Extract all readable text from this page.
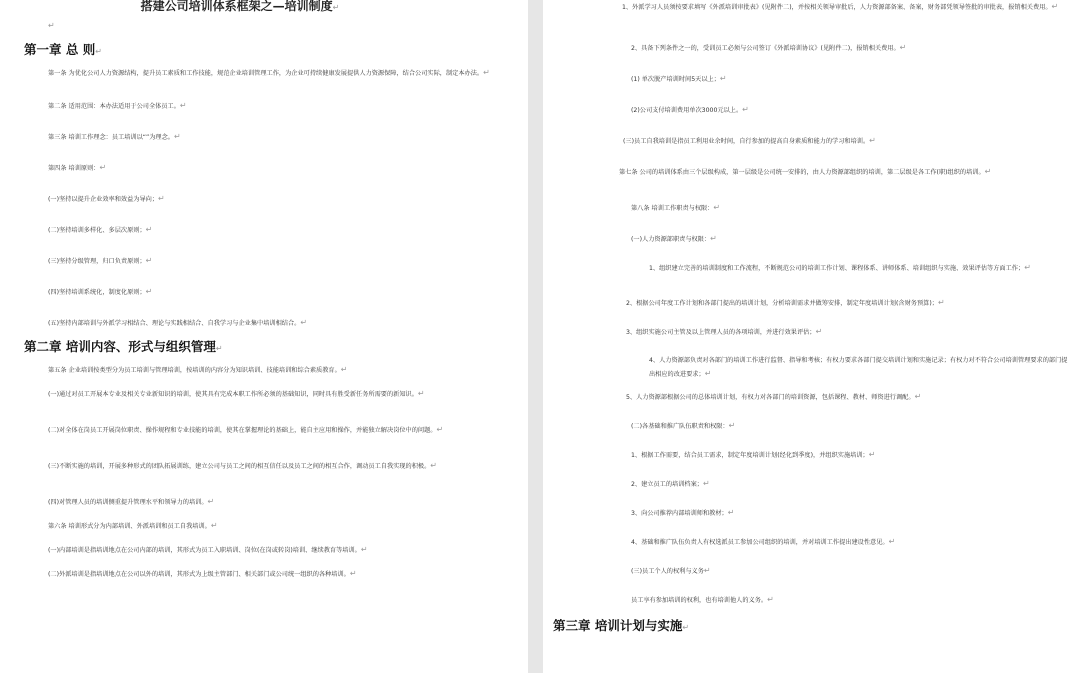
搭建公司培训体系框架之—培训制度↵
↵
第一章 总 则↵
第一条 为优化公司人力资源结构，提升员工素质和工作技能，规范企业培训管理工作，为企业可持续健康发展提供人力资源保障，结合公司实际，制定本办法。↵
第二条 适用范围：本办法适用于公司全体员工。↵
第三条 培训工作理念：员工培训以“”为理念。↵
第四条 培训原则：↵
(一)坚持以提升企业效率和效益为导向；↵
(二)坚持培训多样化、多层次原则；↵
(三)坚持分级管理，归口负责原则；↵
(四)坚持培训系统化，制度化原则；↵
(五)坚持内部培训与外派学习相结合、理论与实践相结合、自我学习与企业集中培训相结合。↵
第二章 培训内容、形式与组织管理↵
第五条 企业培训按类型分为员工培训与管理培训，按培训的内容分为知识培训、技能培训和综合素质教育。↵
(一)通过对员工开展本专业及相关专业新知识的培训，使其具有完成本职工作所必须的基础知识，同时具有胜受新任务所需要的新知识。↵
(二)对全体在岗员工开展岗位职责、操作规程和专业技能的培训，使其在掌握理论的基础上，能自主应用和操作，并能独立解决岗位中的问题。↵
(三)不断实施的培训，开展多种形式的团队拓展训练，建立公司与员工之间的相互信任以及员工之间的相互合作，调动员工自我实现的积极。↵
(四)对管理人员的培训侧重提升管理水平和领导力的培训。↵
第六条 培训形式分为内部培训、外派培训和员工自我培训。↵
(一)内部培训是指培训地点在公司内部的培训，其形式为员工入职培训、岗位(在岗或转岗)培训、继续教育等培训。↵
(二)外派培训是指培训地点在公司以外的培训，其形式为上级主管部门、相关部门或公司统一组织的各种培训。↵
1、外派学习人员须按要求填写《外派培训审批表》(见附件二)，并按相关领导审批后，人力资源部备案、备案，财务部凭领导签批的审批表，报销相关费用。↵
2、具备下列条件之一的，受训员工必须与公司签订《外派培训协议》(见附件二)，报销相关费用。↵
(1) 单次脱产培训时间5天以上；↵
(2)公司支付培训费用单次3000元以上。↵
(三)员工自我培训是指员工利用业余时间，自行参加的提高自身素质和能力的学习和培训。↵
第七条 公司的培训体系由三个层级构成，第一层级是公司统一安排的，由人力资源部组织的培训，第二层级是各工作(职)组织的培训。↵
第八条 培训工作职责与权限：↵
(一)人力资源部职责与权限：↵
1、组织建立完善的培训制度和工作流程，不断规范公司的培训工作计划、课程体系、讲师体系、培训组织与实施、效果评估等方面工作；↵
2、根据公司年度工作计划和各部门提出的培训计划，分析培训需求并做筹安排，制定年度培训计划(含财务预算)；↵
3、组织实施公司主管及以上管理人员的各项培训，并进行效果评估；↵
4、人力资源部负责对各部门的培训工作进行监督、指导和考核；有权力要求各部门提交培训计划和实施记录；有权力对不符合公司培训管理要求的部门提出相应的改进要求；↵
5、人力资源部根据公司的总体培训计划，有权力对各部门的培训资源，包括课程、教材、师资进行调配。↵
(二)各基础和推广队伍职责和权限：↵
1、根据工作需要，结合员工需求，制定年度培训计划(经化到季度)，并组织实施培训；↵
2、建立员工的培训档案；↵
3、向公司推荐内部培训师和教材；↵
4、基础和推广队伍负责人有权选派员工参加公司组织的培训，并对培训工作提出建设性意见。↵
(三)员工个人的权利与义务↵
员工享有参加培训的权利，也有培训他人的义务。↵
第三章 培训计划与实施↵
